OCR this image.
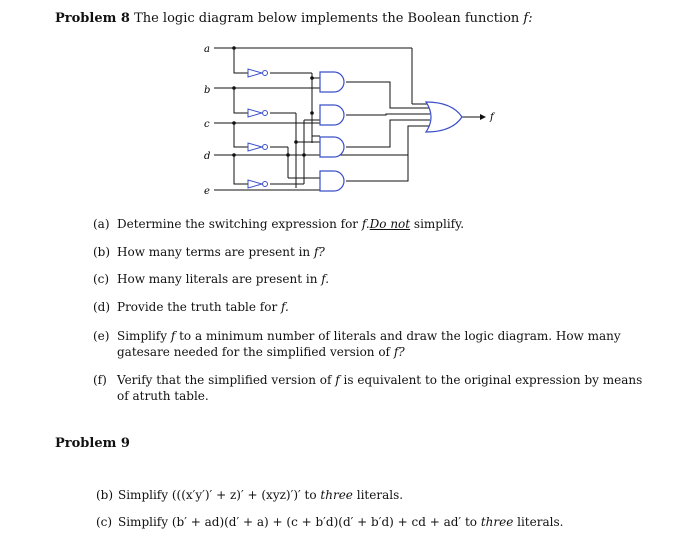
Problem 8 The logic diagram below implements the Boolean function f:
a
b
c
d
e
f
(a) Determine the switching expression for f.Do not simplify.
(b) How many terms are present in f?
(c) How many literals are present in f.
(d) Provide the truth table for f.
(e) Simplify f to a minimum number of literals and draw the logic diagram. How many
gatesare needed for the simplified version of f?
(f) Verify that the simplified version of f is equivalent to the original expression by means
of atruth table.
Problem 9
(b) Simplify (((x′y′)′ + z)′ + (xyz)′)′ to three literals.
(c) Simplify (b′ + ad)(d′ + a) + (c + b′d)(d′ + b′d) + cd + ad′ to three literals.
